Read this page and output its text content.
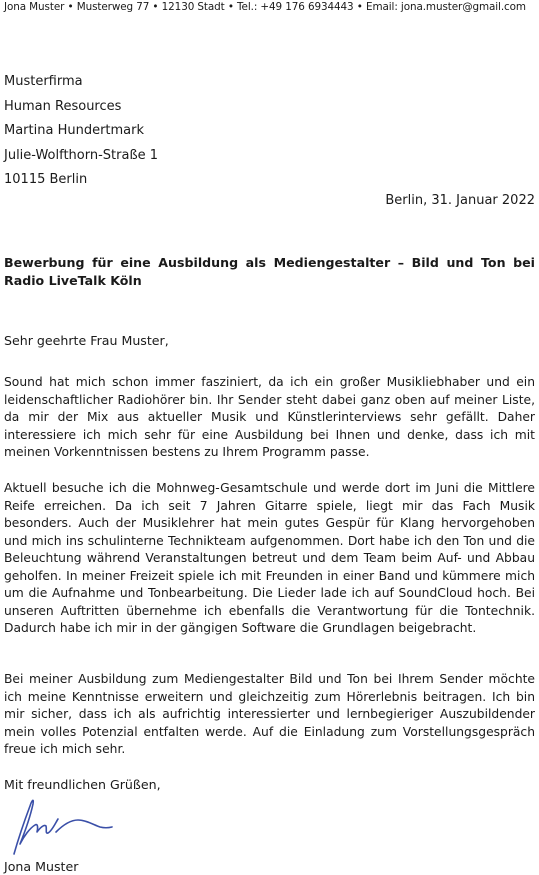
Jona Muster • Musterweg 77 • 12130 Stadt • Tel.: +49 176 6934443 • Email: jona.muster@gmail.com
Musterfirma
Human Resources
Martina Hundertmark
Julie-Wolfthorn-Straße 1
10115 Berlin
Berlin, 31. Januar 2022
Bewerbung für eine Ausbildung als Mediengestalter – Bild und Ton bei Radio LiveTalk Köln
Sehr geehrte Frau Muster,

Sound hat mich schon immer fasziniert, da ich ein großer Musikliebhaber und ein leidenschaftlicher Radiohörer bin. Ihr Sender steht dabei ganz oben auf meiner Liste, da mir der Mix aus aktueller Musik und Künstlerinterviews sehr gefällt. Daher interessiere ich mich sehr für eine Ausbildung bei Ihnen und denke, dass ich mit meinen Vorkenntnissen bestens zu Ihrem Programm passe.

Aktuell besuche ich die Mohnweg-Gesamtschule und werde dort im Juni die Mittlere Reife erreichen. Da ich seit 7 Jahren Gitarre spiele, liegt mir das Fach Musik besonders. Auch der Musiklehrer hat mein gutes Gespür für Klang hervorgehoben und mich ins schulinterne Technikteam aufgenommen. Dort habe ich den Ton und die Beleuchtung während Veranstaltungen betreut und dem Team beim Auf- und Abbau geholfen. In meiner Freizeit spiele ich mit Freunden in einer Band und kümmere mich um die Aufnahme und Tonbearbeitung. Die Lieder lade ich auf SoundCloud hoch. Bei unseren Auftritten übernehme ich ebenfalls die Verantwortung für die Tontechnik. Dadurch habe ich mir in der gängigen Software die Grundlagen beigebracht.

Bei meiner Ausbildung zum Mediengestalter Bild und Ton bei Ihrem Sender möchte ich meine Kenntnisse erweitern und gleichzeitig zum Hörerlebnis beitragen. Ich bin mir sicher, dass ich als aufrichtig interessierter und lernbegieriger Auszubildender mein volles Potenzial entfalten werde. Auf die Einladung zum Vorstellungsgespräch freue ich mich sehr.

Mit freundlichen Grüßen,
Jona Muster
